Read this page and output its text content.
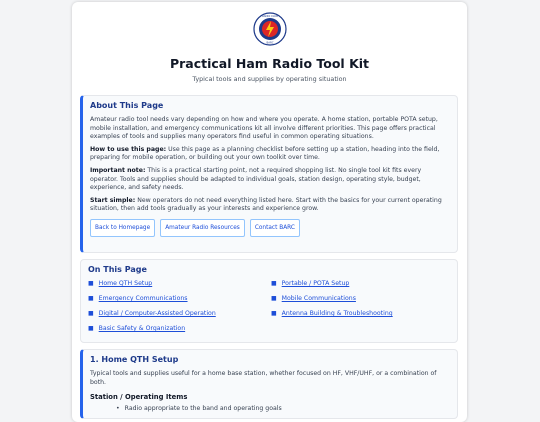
RADIO CLUB
BARC
Practical Ham Radio Tool Kit
Typical tools and supplies by operating situation
About This Page

Amateur radio tool needs vary depending on how and where you operate. A home station, portable POTA setup, mobile installation, and emergency communications kit all involve different priorities. This page offers practical examples of tools and supplies many operators find useful in common operating situations.

How to use this page: Use this page as a planning checklist before setting up a station, heading into the field, preparing for mobile operation, or building out your own toolkit over time.

Important note: This is a practical starting point, not a required shopping list. No single tool kit fits every operator. Tools and supplies should be adapted to individual goals, station design, operating style, budget, experience, and safety needs.

Start simple: New operators do not need everything listed here. Start with the basics for your current operating situation, then add tools gradually as your interests and experience grow.

Back to Homepage	Amateur Radio Resources	Contact BARC
On This Page
■ Home QTH Setup	■ Portable / POTA Setup
■ Emergency Communications	■ Mobile Communications
■ Digital / Computer-Assisted Operation	■ Antenna Building & Troubleshooting
■ Basic Safety & Organization
1. Home QTH Setup

Typical tools and supplies useful for a home base station, whether focused on HF, VHF/UHF, or a combination of both.

Station / Operating Items
• Radio appropriate to the band and operating goals
